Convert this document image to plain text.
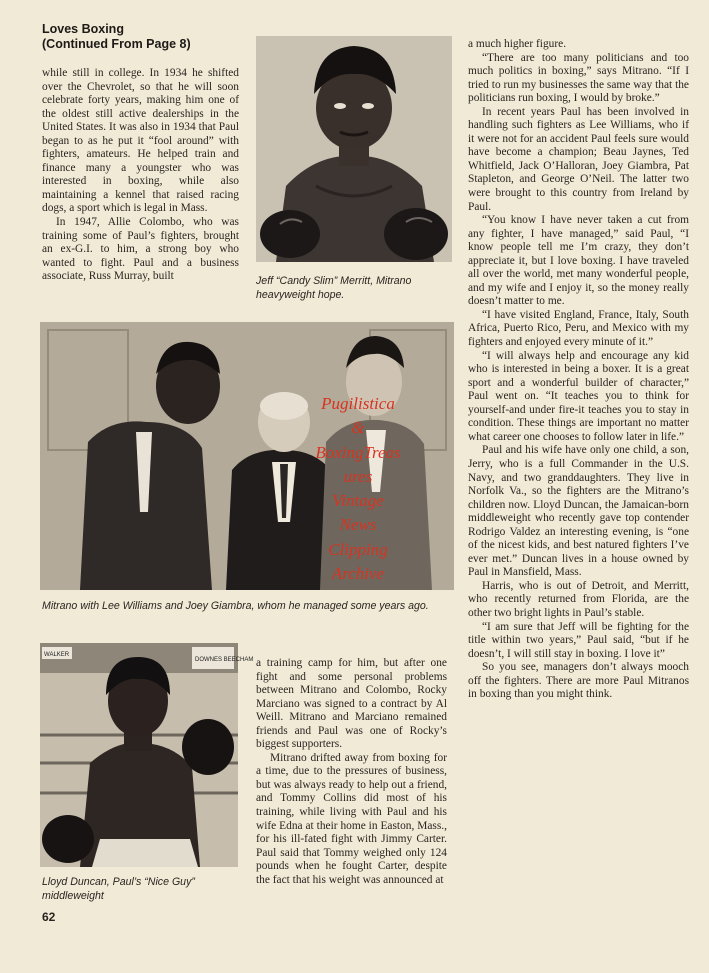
Loves Boxing
(Continued From Page 8)

while still in college. In 1934 he shifted over the Chevrolet, so that he will soon celebrate forty years, making him one of the oldest still active dealerships in the United States. It was also in 1934 that Paul began to as he put it “fool around” with fighters, amateurs. He helped train and finance many a youngster who was interested in boxing, while also maintaining a kennel that raised racing dogs, a sport which is legal in Mass.

In 1947, Allie Colombo, who was training some of Paul’s fighters, brought an ex-G.I. to him, a strong boy who wanted to fight. Paul and a business associate, Russ Murray, built	Jeff “Candy Slim” Merritt, Mitrano heavyweight hope.
Mitrano with Lee Williams and Joey Giambra, whom he managed some years ago.
DOWNES BEECHAM
WALKER
Lloyd Duncan, Paul’s “Nice Guy” middleweight

a training camp for him, but after one fight and some personal problems between Mitrano and Colombo, Rocky Marciano was signed to a contract by Al Weill. Mitrano and Marciano remained friends and Paul was one of Rocky’s biggest supporters.

Mitrano drifted away from boxing for a time, due to the pressures of business, but was always ready to help out a friend, and Tommy Collins did most of his training, while living with Paul and his wife Edna at their home in Easton, Mass., for his ill-fated fight with Jimmy Carter. Paul said that Tommy weighed only 124 pounds when he fought Carter, despite the fact that his weight was announced at

a much higher figure.

“There are too many politicians and too much politics in boxing,” says Mitrano. “If I tried to run my businesses the same way that the politicians run boxing, I would by broke.”

In recent years Paul has been involved in handling such fighters as Lee Williams, who if it were not for an accident Paul feels sure would have become a champion; Beau Jaynes, Ted Whitfield, Jack O’Halloran, Joey Giambra, Pat Stapleton, and George O’Neil. The latter two were brought to this country from Ireland by Paul.

“You know I have never taken a cut from any fighter, I have managed,” said Paul, “I know people tell me I’m crazy, they don’t appreciate it, but I love boxing. I have traveled all over the world, met many wonderful people, and my wife and I enjoy it, so the money really doesn’t matter to me.

“I have visited England, France, Italy, South Africa, Puerto Rico, Peru, and Mexico with my fighters and enjoyed every minute of it.”

“I will always help and encourage any kid who is interested in being a boxer. It is a great sport and a wonderful builder of character,” Paul went on. “It teaches you to think for yourself-and under fire-it teaches you to stay in condition. These things are important no matter what career one chooses to follow later in life.”

Paul and his wife have only one child, a son, Jerry, who is a full Commander in the U.S. Navy, and two granddaughters. They live in Norfolk Va., so the fighters are the Mitrano’s children now. Lloyd Duncan, the Jamaican-born middleweight who recently gave top contender Rodrigo Valdez an interesting evening, is “one of the nicest kids, and best natured fighters I’ve ever met.” Duncan lives in a house owned by Paul in Mansfield, Mass.

Harris, who is out of Detroit, and Merritt, who recently returned from Florida, are the other two bright lights in Paul’s stable.

“I am sure that Jeff will be fighting for the title within two years,” Paul said, “but if he doesn’t, I will still stay in boxing. I love it”

So you see, managers don’t always mooch off the fighters. There are more Paul Mitranos in boxing than you might think.

Pugilistica
&
BoxingTreas
ures
Vintage
News
Clipping
Archive
62
